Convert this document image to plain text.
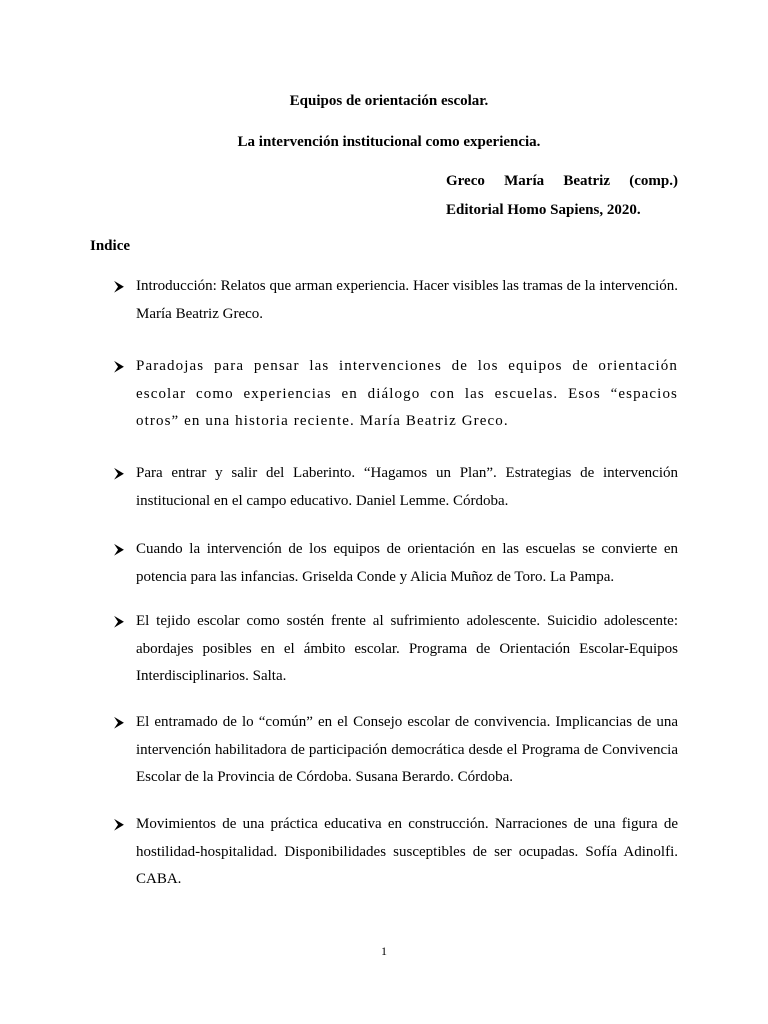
Equipos de orientación escolar.
La intervención institucional como experiencia.
Greco María Beatriz (comp.)
Editorial Homo Sapiens, 2020.
Indice
Introducción: Relatos que arman experiencia. Hacer visibles las tramas de la intervención. María Beatriz Greco.
Paradojas para pensar las intervenciones de los equipos de orientación escolar como experiencias en diálogo con las escuelas. Esos “espacios otros” en una historia reciente. María Beatriz Greco.
Para entrar y salir del Laberinto. “Hagamos un Plan”. Estrategias de intervención institucional en el campo educativo. Daniel Lemme. Córdoba.
Cuando la intervención de los equipos de orientación en las escuelas se convierte en potencia para las infancias. Griselda Conde y Alicia Muñoz de Toro. La Pampa.
El tejido escolar como sostén frente al sufrimiento adolescente. Suicidio adolescente: abordajes posibles en el ámbito escolar. Programa de Orientación Escolar-Equipos Interdisciplinarios. Salta.
El entramado de lo “común” en el Consejo escolar de convivencia. Implicancias de una intervención habilitadora de participación democrática desde el Programa de Convivencia Escolar de la Provincia de Córdoba. Susana Berardo. Córdoba.
Movimientos de una práctica educativa en construcción. Narraciones de una figura de hostilidad-hospitalidad. Disponibilidades susceptibles de ser ocupadas. Sofía Adinolfi. CABA.
1
